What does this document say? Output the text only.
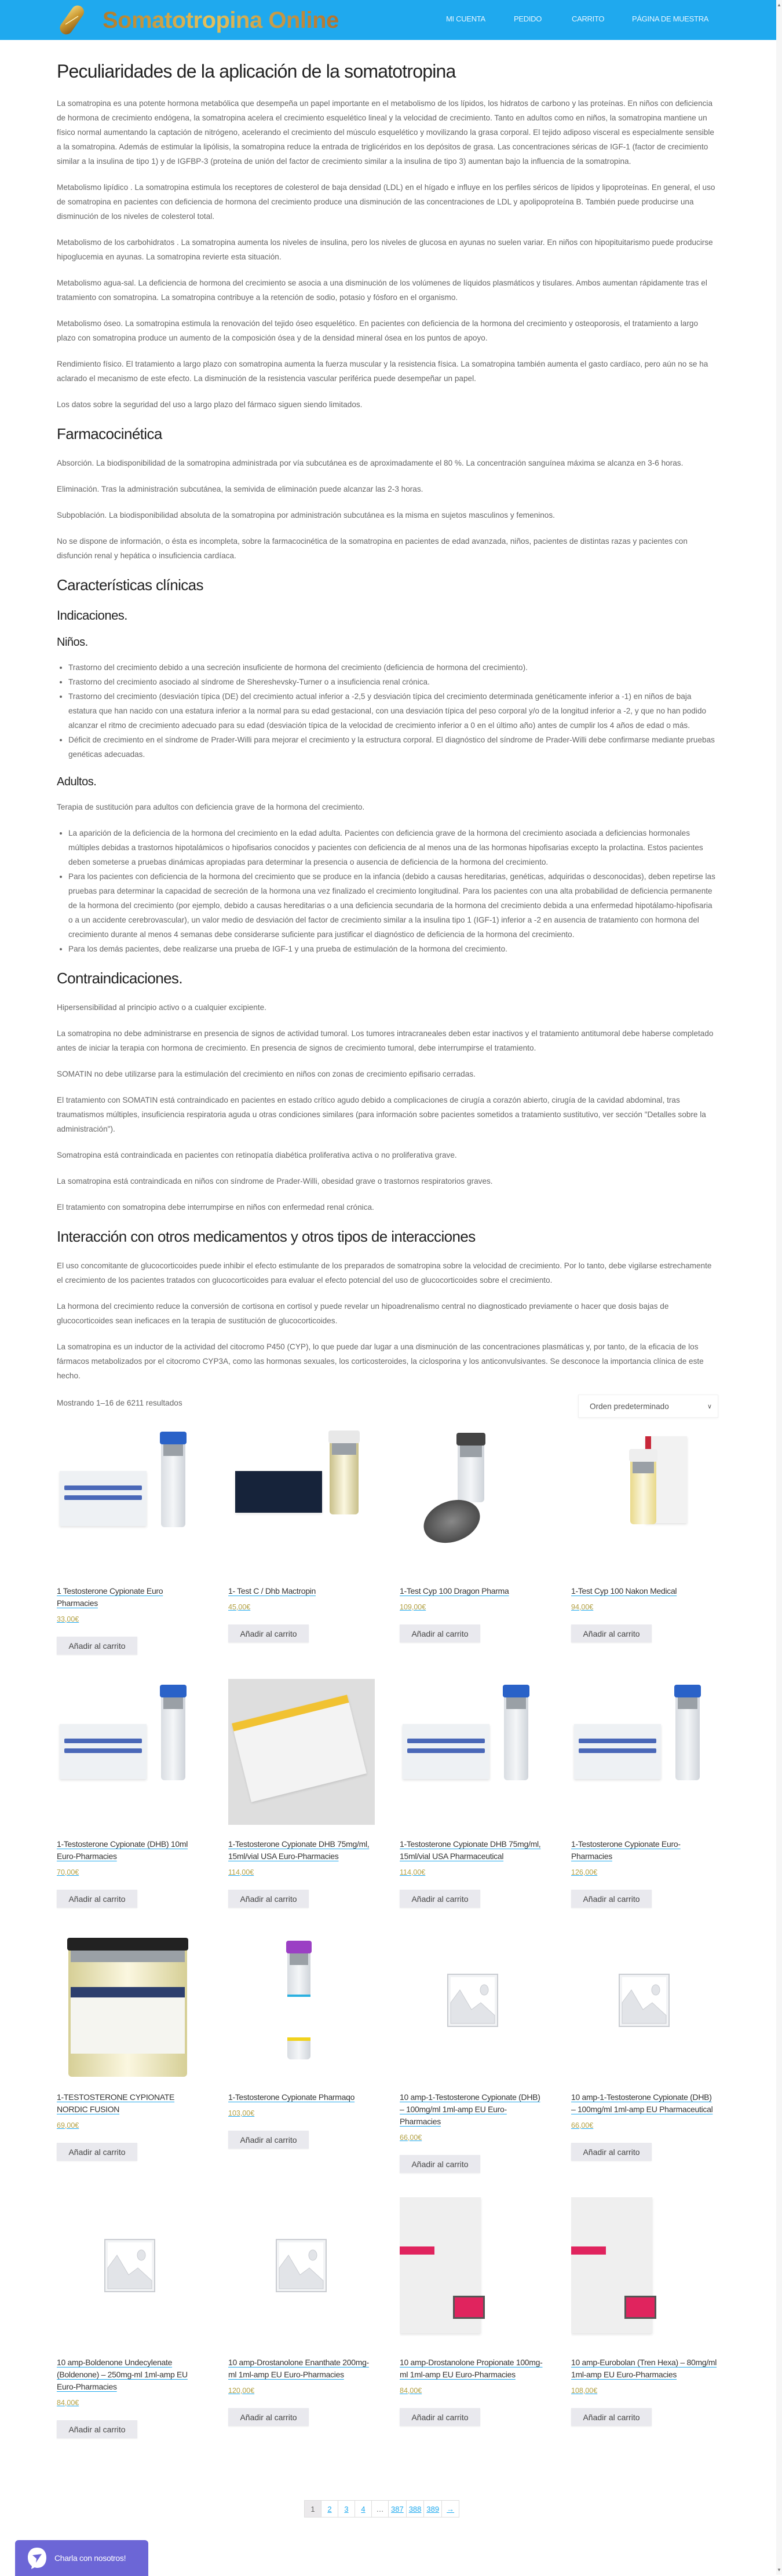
Somatotropina Online	MI CUENTA	PEDIDO	CARRITO	PÁGINA DE MUESTRA
▲
▼
Peculiaridades de la aplicación de la somatotropina

La somatropina es una potente hormona metabólica que desempeña un papel importante en el metabolismo de los lípidos, los hidratos de carbono y las proteínas. En niños con deficiencia de hormona de crecimiento endógena, la somatropina acelera el crecimiento esquelético lineal y la velocidad de crecimiento. Tanto en adultos como en niños, la somatropina mantiene un físico normal aumentando la captación de nitrógeno, acelerando el crecimiento del músculo esquelético y movilizando la grasa corporal. El tejido adiposo visceral es especialmente sensible a la somatropina. Además de estimular la lipólisis, la somatropina reduce la entrada de triglicéridos en los depósitos de grasa. Las concentraciones séricas de IGF-1 (factor de crecimiento similar a la insulina de tipo 1) y de IGFBP-3 (proteína de unión del factor de crecimiento similar a la insulina de tipo 3) aumentan bajo la influencia de la somatropina.

Metabolismo lipídico . La somatropina estimula los receptores de colesterol de baja densidad (LDL) en el hígado e influye en los perfiles séricos de lípidos y lipoproteínas. En general, el uso de somatropina en pacientes con deficiencia de hormona del crecimiento produce una disminución de las concentraciones de LDL y apolipoproteína B. También puede producirse una disminución de los niveles de colesterol total.

Metabolismo de los carbohidratos . La somatropina aumenta los niveles de insulina, pero los niveles de glucosa en ayunas no suelen variar. En niños con hipopituitarismo puede producirse hipoglucemia en ayunas. La somatropina revierte esta situación.

Metabolismo agua-sal. La deficiencia de hormona del crecimiento se asocia a una disminución de los volúmenes de líquidos plasmáticos y tisulares. Ambos aumentan rápidamente tras el tratamiento con somatropina. La somatropina contribuye a la retención de sodio, potasio y fósforo en el organismo.

Metabolismo óseo. La somatropina estimula la renovación del tejido óseo esquelético. En pacientes con deficiencia de la hormona del crecimiento y osteoporosis, el tratamiento a largo plazo con somatropina produce un aumento de la composición ósea y de la densidad mineral ósea en los puntos de apoyo.

Rendimiento físico. El tratamiento a largo plazo con somatropina aumenta la fuerza muscular y la resistencia física. La somatropina también aumenta el gasto cardíaco, pero aún no se ha aclarado el mecanismo de este efecto. La disminución de la resistencia vascular periférica puede desempeñar un papel.

Los datos sobre la seguridad del uso a largo plazo del fármaco siguen siendo limitados.

Farmacocinética

Absorción. La biodisponibilidad de la somatropina administrada por vía subcutánea es de aproximadamente el 80 %. La concentración sanguínea máxima se alcanza en 3-6 horas.

Eliminación. Tras la administración subcutánea, la semivida de eliminación puede alcanzar las 2-3 horas.

Subpoblación. La biodisponibilidad absoluta de la somatropina por administración subcutánea es la misma en sujetos masculinos y femeninos.

No se dispone de información, o ésta es incompleta, sobre la farmacocinética de la somatropina en pacientes de edad avanzada, niños, pacientes de distintas razas y pacientes con disfunción renal y hepática o insuficiencia cardíaca.

Características clínicas
Indicaciones.
Niños.
• Trastorno del crecimiento debido a una secreción insuficiente de hormona del crecimiento (deficiencia de hormona del crecimiento).
• Trastorno del crecimiento asociado al síndrome de Shereshevsky-Turner o a insuficiencia renal crónica.
• Trastorno del crecimiento (desviación típica (DE) del crecimiento actual inferior a -2,5 y desviación típica del crecimiento determinada genéticamente inferior a -1) en niños de baja estatura que han nacido con una estatura inferior a la normal para su edad gestacional, con una desviación típica del peso corporal y/o de la longitud inferior a -2, y que no han podido alcanzar el ritmo de crecimiento adecuado para su edad (desviación típica de la velocidad de crecimiento inferior a 0 en el último año) antes de cumplir los 4 años de edad o más.
• Déficit de crecimiento en el síndrome de Prader-Willi para mejorar el crecimiento y la estructura corporal. El diagnóstico del síndrome de Prader-Willi debe confirmarse mediante pruebas genéticas adecuadas.
Adultos.

Terapia de sustitución para adultos con deficiencia grave de la hormona del crecimiento.

• La aparición de la deficiencia de la hormona del crecimiento en la edad adulta. Pacientes con deficiencia grave de la hormona del crecimiento asociada a deficiencias hormonales múltiples debidas a trastornos hipotalámicos o hipofisarios conocidos y pacientes con deficiencia de al menos una de las hormonas hipofisarias excepto la prolactina. Estos pacientes deben someterse a pruebas dinámicas apropiadas para determinar la presencia o ausencia de deficiencia de la hormona del crecimiento.
• Para los pacientes con deficiencia de la hormona del crecimiento que se produce en la infancia (debido a causas hereditarias, genéticas, adquiridas o desconocidas), deben repetirse las pruebas para determinar la capacidad de secreción de la hormona una vez finalizado el crecimiento longitudinal. Para los pacientes con una alta probabilidad de deficiencia permanente de la hormona del crecimiento (por ejemplo, debido a causas hereditarias o a una deficiencia secundaria de la hormona del crecimiento debida a una enfermedad hipotálamo-hipofisaria o a un accidente cerebrovascular), un valor medio de desviación del factor de crecimiento similar a la insulina tipo 1 (IGF-1) inferior a -2 en ausencia de tratamiento con hormona del crecimiento durante al menos 4 semanas debe considerarse suficiente para justificar el diagnóstico de deficiencia de la hormona del crecimiento.
• Para los demás pacientes, debe realizarse una prueba de IGF-1 y una prueba de estimulación de la hormona del crecimiento.
Contraindicaciones.

Hipersensibilidad al principio activo o a cualquier excipiente.

La somatropina no debe administrarse en presencia de signos de actividad tumoral. Los tumores intracraneales deben estar inactivos y el tratamiento antitumoral debe haberse completado antes de iniciar la terapia con hormona de crecimiento. En presencia de signos de crecimiento tumoral, debe interrumpirse el tratamiento.

SOMATIN no debe utilizarse para la estimulación del crecimiento en niños con zonas de crecimiento epifisario cerradas.

El tratamiento con SOMATIN está contraindicado en pacientes en estado crítico agudo debido a complicaciones de cirugía a corazón abierto, cirugía de la cavidad abdominal, tras traumatismos múltiples, insuficiencia respiratoria aguda u otras condiciones similares (para información sobre pacientes sometidos a tratamiento sustitutivo, ver sección "Detalles sobre la administración").

Somatropina está contraindicada en pacientes con retinopatía diabética proliferativa activa o no proliferativa grave.

La somatropina está contraindicada en niños con síndrome de Prader-Willi, obesidad grave o trastornos respiratorios graves.

El tratamiento con somatropina debe interrumpirse en niños con enfermedad renal crónica.

Interacción con otros medicamentos y otros tipos de interacciones

El uso concomitante de glucocorticoides puede inhibir el efecto estimulante de los preparados de somatropina sobre la velocidad de crecimiento. Por lo tanto, debe vigilarse estrechamente el crecimiento de los pacientes tratados con glucocorticoides para evaluar el efecto potencial del uso de glucocorticoides sobre el crecimiento.

La hormona del crecimiento reduce la conversión de cortisona en cortisol y puede revelar un hipoadrenalismo central no diagnosticado previamente o hacer que dosis bajas de glucocorticoides sean ineficaces en la terapia de sustitución de glucocorticoides.

La somatropina es un inductor de la actividad del citocromo P450 (CYP), lo que puede dar lugar a una disminución de las concentraciones plasmáticas y, por tanto, de la eficacia de los fármacos metabolizados por el citocromo CYP3A, como las hormonas sexuales, los corticosteroides, la ciclosporina y los anticonvulsivantes. Se desconoce la importancia clínica de este hecho.

Mostrando 1–16 de 6211 resultados	Orden predeterminado	∨
1 Testosterone Cypionate Euro Pharmacies
33,00€
Añadir al carrito
1- Test C / Dhb Mactropin
45,00€
Añadir al carrito
1-Test Cyp 100 Dragon Pharma
109,00€
Añadir al carrito
1-Test Cyp 100 Nakon Medical
94,00€
Añadir al carrito
1-Testosterone Cypionate (DHB) 10ml Euro-Pharmacies
70,00€
Añadir al carrito
1-Testosterone Cypionate DHB 75mg/ml, 15ml/vial USA Euro-Pharmacies
114,00€
Añadir al carrito
1-Testosterone Cypionate DHB 75mg/ml, 15ml/vial USA Pharmaceutical
114,00€
Añadir al carrito
1-Testosterone Cypionate Euro-Pharmacies
126,00€
Añadir al carrito
1-TESTOSTERONE CYPIONATE NORDIC FUSION
69,00€
Añadir al carrito
1-Testosterone Cypionate Pharmaqo
103,00€
Añadir al carrito
10 amp-1-Testosterone Cypionate (DHB) – 100mg/ml 1ml-amp EU Euro-Pharmacies
66,00€
Añadir al carrito
10 amp-1-Testosterone Cypionate (DHB) – 100mg/ml 1ml-amp EU Pharmaceutical
66,00€
Añadir al carrito
10 amp-Boldenone Undecylenate (Boldenone) – 250mg-ml 1ml-amp EU Euro-Pharmacies
84,00€
Añadir al carrito
10 amp-Drostanolone Enanthate 200mg-ml 1ml-amp EU Euro-Pharmacies
120,00€
Añadir al carrito
10 amp-Drostanolone Propionate 100mg-ml 1ml-amp EU Euro-Pharmacies
84,00€
Añadir al carrito
10 amp-Eurobolan (Tren Hexa) – 80mg/ml 1ml-amp EU Euro-Pharmacies
108,00€
Añadir al carrito
1	2	3	4	… 387 388 389	→
Charla con nosotros!
